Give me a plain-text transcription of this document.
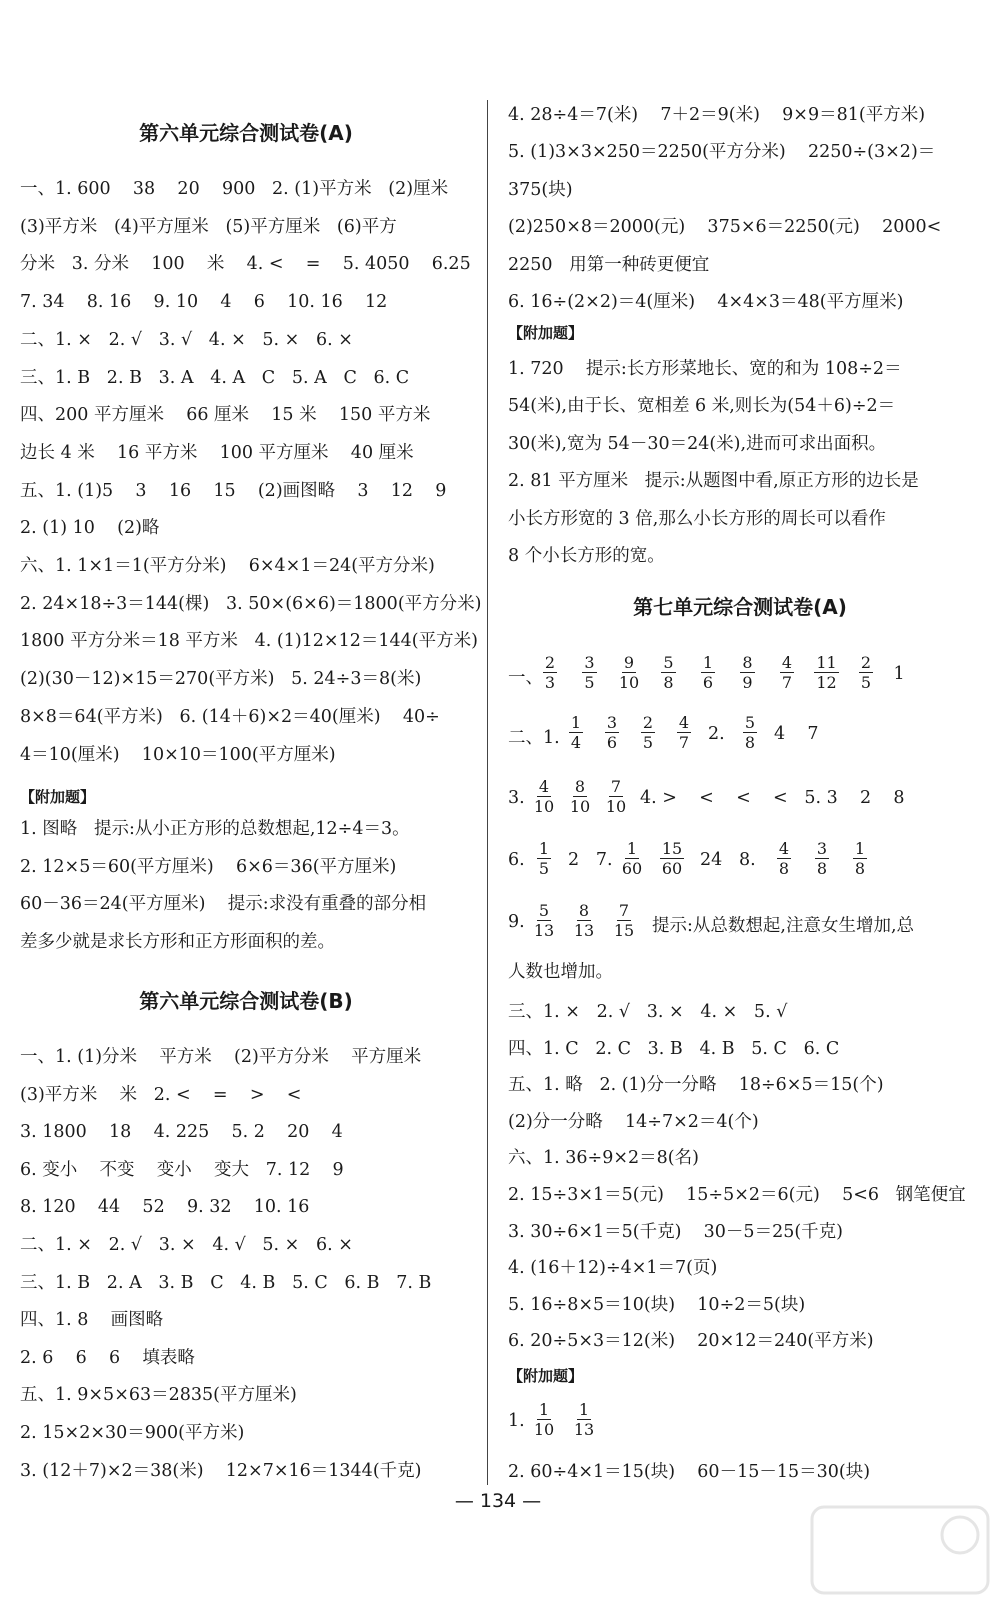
第六单元综合测试卷(A)
一、1. 600    38    20    900   2. (1)平方米   (2)厘米
(3)平方米   (4)平方厘米   (5)平方厘米   (6)平方
分米   3. 分米    100    米    4. <    =    5. 4050    6.25
7. 34    8. 16    9. 10    4    6    10. 16    12
二、1. ×   2. √   3. √   4. ×   5. ×   6. ×
三、1. B   2. B   3. A   4. A   C   5. A   C   6. C
四、200 平方厘米    66 厘米    15 米    150 平方米
边长 4 米    16 平方米    100 平方厘米    40 厘米
五、1. (1)5    3    16    15    (2)画图略    3    12    9
2. (1) 10    (2)略
六、1. 1×1＝1(平方分米)    6×4×1＝24(平方分米)
2. 24×18÷3＝144(棵)   3. 50×(6×6)＝1800(平方分米)
1800 平方分米＝18 平方米   4. (1)12×12＝144(平方米)
(2)(30－12)×15＝270(平方米)   5. 24÷3＝8(米)
8×8＝64(平方米)   6. (14＋6)×2＝40(厘米)    40÷
4＝10(厘米)    10×10＝100(平方厘米)
【附加题】
1. 图略   提示:从小正方形的总数想起,12÷4＝3。
2. 12×5＝60(平方厘米)    6×6＝36(平方厘米)
60－36＝24(平方厘米)    提示:求没有重叠的部分相
差多少就是求长方形和正方形面积的差。
第六单元综合测试卷(B)
一、1. (1)分米    平方米    (2)平方分米    平方厘米
(3)平方米    米   2. <    =    >    <
3. 1800    18    4. 225    5. 2    20    4
6. 变小    不变    变小    变大   7. 12    9
8. 120    44    52    9. 32    10. 16
二、1. ×   2. √   3. ×   4. √   5. ×   6. ×
三、1. B   2. A   3. B   C   4. B   5. C   6. B   7. B
四、1. 8    画图略
2. 6    6    6    填表略
五、1. 9×5×63＝2835(平方厘米)
2. 15×2×30＝900(平方米)
3. (12＋7)×2＝38(米)    12×7×16＝1344(千克)
4. 28÷4＝7(米)    7＋2＝9(米)    9×9＝81(平方米)
5. (1)3×3×250＝2250(平方分米)    2250÷(3×2)＝
375(块)
(2)250×8＝2000(元)    375×6＝2250(元)    2000<
2250   用第一种砖更便宜
6. 16÷(2×2)＝4(厘米)    4×4×3＝48(平方厘米)
【附加题】
1. 720    提示:长方形菜地长、宽的和为 108÷2＝
54(米),由于长、宽相差 6 米,则长为(54＋6)÷2＝
30(米),宽为 54－30＝24(米),进而可求出面积。
2. 81 平方厘米   提示:从题图中看,原正方形的边长是
小长方形宽的 3 倍,那么小长方形的周长可以看作
8 个小长方形的宽。
第七单元综合测试卷(A)
一、
$\frac{2}{3} \frac{3}{5} \frac{9}{10} \frac{5}{8} \frac{1}{6} \frac{8}{9} \frac{4}{7} \frac{11}{12} \frac{2}{5} 1$
二、1. $\frac{1}{4} \frac{3}{6} \frac{2}{5} \frac{4}{7} 2$. $\frac{5}{8} 4$    7
3. $\frac{4}{10} \frac{8}{10} \frac{7}{10} 4$. >    <    <    <   5. 3    2    8
6. $\frac{1}{5} 2$   7. $\frac{1}{60} \frac{15}{60} 24$   8. $\frac{4}{8} \frac{3}{8} \frac{1}{8}$
9. $\frac{5}{13} \frac{8}{13} \frac{7}{15}$ 提示:从总数想起,注意女生增加,总
人数也增加。
三、1. ×   2. √   3. ×   4. ×   5. √
四、1. C   2. C   3. B   4. B   5. C   6. C
五、1. 略   2. (1)分一分略    18÷6×5＝15(个)
(2)分一分略    14÷7×2＝4(个)
六、1. 36÷9×2＝8(名)
2. 15÷3×1＝5(元)    15÷5×2＝6(元)    5<6   钢笔便宜
3. 30÷6×1＝5(千克)    30－5＝25(千克)
4. (16＋12)÷4×1＝7(页)
5. 16÷8×5＝10(块)    10÷2＝5(块)
6. 20÷5×3＝12(米)    20×12＝240(平方米)
【附加题】
1. $\frac{1}{10} \frac{1}{13}$
2. 60÷4×1＝15(块)    60－15－15＝30(块)
— 134 —
